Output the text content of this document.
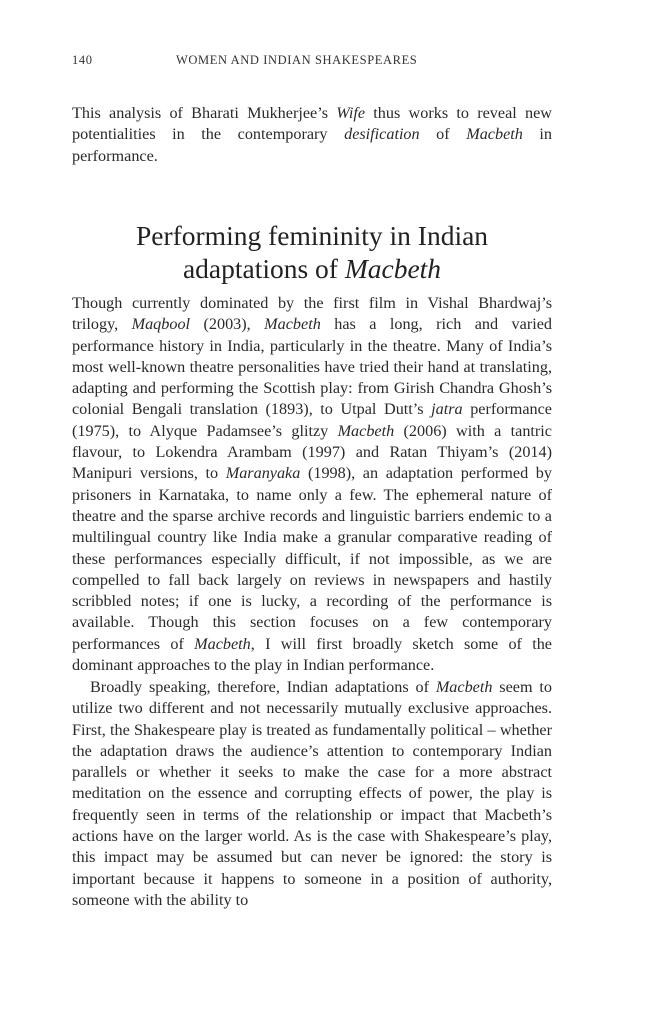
140	WOMEN AND INDIAN SHAKESPEARES

This analysis of Bharati Mukherjee’s Wife thus works to reveal new potentialities in the contemporary desification of Macbeth in performance.

Performing femininity in Indian
adaptations of Macbeth

Though currently dominated by the first film in Vishal Bhardwaj’s trilogy, Maqbool (2003), Macbeth has a long, rich and varied performance history in India, particularly in the theatre. Many of India’s most well-known theatre personalities have tried their hand at translating, adapting and performing the Scottish play: from Girish Chandra Ghosh’s colonial Bengali translation (1893), to Utpal Dutt’s jatra performance (1975), to Alyque Padamsee’s glitzy Macbeth (2006) with a tantric flavour, to Lokendra Arambam (1997) and Ratan Thiyam’s (2014) Manipuri versions, to Maranyaka (1998), an adaptation performed by prisoners in Karnataka, to name only a few. The ephemeral nature of theatre and the sparse archive records and linguistic barriers endemic to a multilingual country like India make a granular comparative reading of these performances especially difficult, if not impossible, as we are compelled to fall back largely on reviews in newspapers and hastily scribbled notes; if one is lucky, a recording of the performance is available. Though this section focuses on a few contemporary performances of Macbeth, I will first broadly sketch some of the dominant approaches to the play in Indian performance.

Broadly speaking, therefore, Indian adaptations of Macbeth seem to utilize two different and not necessarily mutually exclusive approaches. First, the Shakespeare play is treated as fundamentally political – whether the adaptation draws the audience’s attention to contemporary Indian parallels or whether it seeks to make the case for a more abstract meditation on the essence and corrupting effects of power, the play is frequently seen in terms of the relationship or impact that Macbeth’s actions have on the larger world. As is the case with Shakespeare’s play, this impact may be assumed but can never be ignored: the story is important because it happens to someone in a position of authority, someone with the ability to
